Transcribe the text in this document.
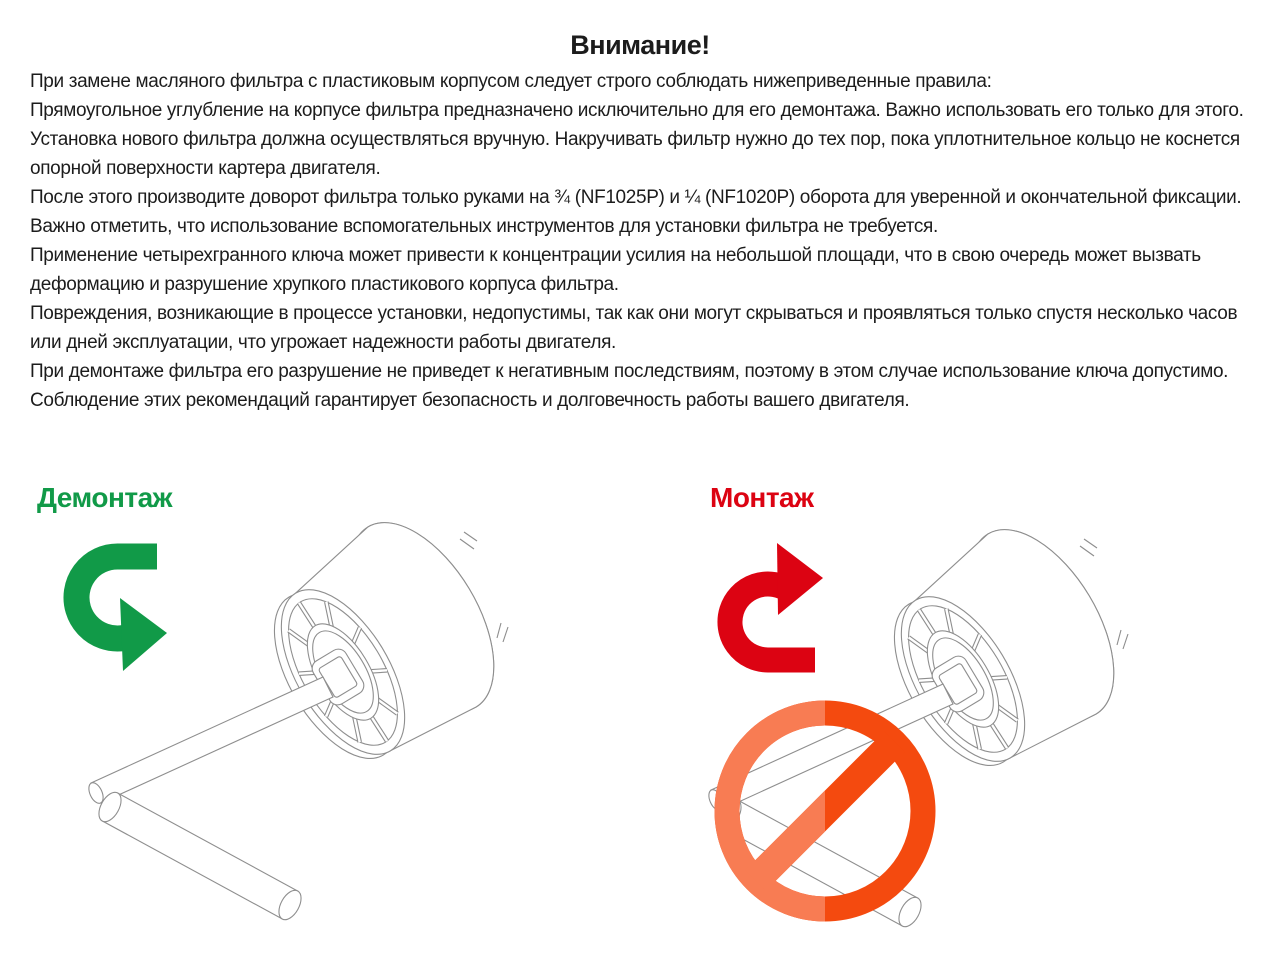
Внимание!
При замене масляного фильтра с пластиковым корпусом следует строго соблюдать нижеприведенные правила:
Прямоугольное углубление на корпусе фильтра предназначено исключительно для его демонтажа. Важно использовать его только для этого.
Установка нового фильтра должна осуществляться вручную. Накручивать фильтр нужно до тех пор, пока уплотнительное кольцо не коснется
опорной поверхности картера двигателя.
После этого производите доворот фильтра только руками на ¾ (NF1025P) и ¼ (NF1020P) оборота для уверенной и окончательной фиксации.
Важно отметить, что использование вспомогательных инструментов для установки фильтра не требуется.
Применение четырехгранного ключа может привести к концентрации усилия на небольшой площади, что в свою очередь может вызвать
деформацию и разрушение хрупкого пластикового корпуса фильтра.
Повреждения, возникающие в процессе установки, недопустимы, так как они могут скрываться и проявляться только спустя несколько часов
или дней эксплуатации, что угрожает надежности работы двигателя.
При демонтаже фильтра его разрушение не приведет к негативным последствиям, поэтому в этом случае использование ключа допустимо.
Соблюдение этих рекомендаций гарантирует безопасность и долговечность работы вашего двигателя.
Демонтаж	Монтаж
